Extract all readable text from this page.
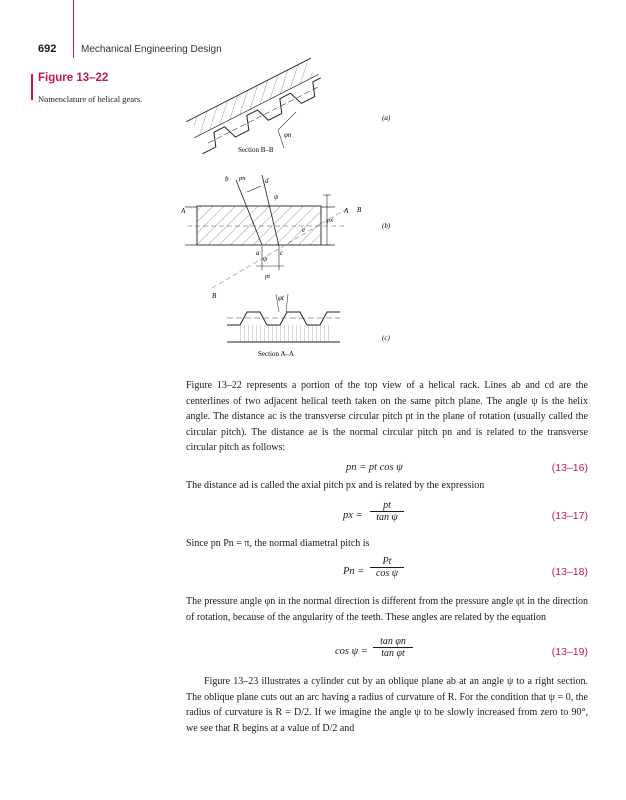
692 Mechanical Engineering Design
Figure 13–22
Nomenclature of helical gears.
φn
Section B–B
(a)
b	d
pn
ψ
A	B
A
px
e
a	c
ψ
pt
B
(b)
φt
Section A–A
(c)
Figure 13–22 represents a portion of the top view of a helical rack. Lines ab and cd are the centerlines of two adjacent helical teeth taken on the same pitch plane. The angle ψ is the helix angle. The distance ac is the transverse circular pitch pt in the plane of rotation (usually called the circular pitch). The distance ae is the normal circular pitch pn and is related to the transverse circular pitch as follows:
pn = pt cos ψ	(13–16)
The distance ad is called the axial pitch px and is related by the expression
px = $\frac{pt}{\text{tan ψ}}$	(13–17)
Since pn Pn = π, the normal diametral pitch is
$Pn = \frac{Pt}{\text{cos ψ}}$	(13–18)
The pressure angle φn in the normal direction is different from the pressure angle φt in the direction of rotation, because of the angularity of the teeth. These angles are related by the equation
$\cos \psi = \frac{\text{tan φn}}{\text{tan φt}}$	(13–19)
Figure 13–23 illustrates a cylinder cut by an oblique plane ab at an angle ψ to a right section. The oblique plane cuts out an arc having a radius of curvature of R. For the condition that ψ = 0, the radius of curvature is R = D/2. If we imagine the angle ψ to be slowly increased from zero to 90°, we see that R begins at a value of D/2 and
